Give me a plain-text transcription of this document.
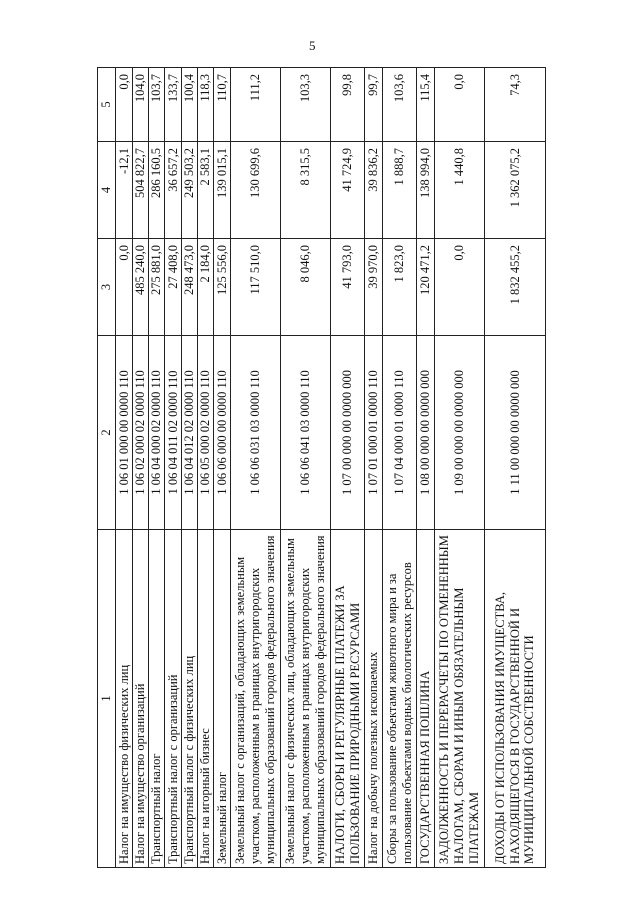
5
1	2	3	4	5
Налог на имущество физических лиц	1 06 01 000 00 0000 110	0,0	-12,1	0,0
Налог на имущество организаций	1 06 02 000 02 0000 110	485 240,0	504 822,7	104,0
Транспортный налог	1 06 04 000 02 0000 110	275 881,0	286 160,5	103,7
Транспортный налог с организаций	1 06 04 011 02 0000 110	27 408,0	36 657,2	133,7
Транспортный налог с физических лиц	1 06 04 012 02 0000 110	248 473,0	249 503,2	100,4
Налог на игорный бизнес	1 06 05 000 02 0000 110	2 184,0	2 583,1	118,3
Земельный налог	1 06 06 000 00 0000 110	125 556,0	139 015,1	110,7
Земельный налог с организаций, обладающих земельным участком, расположенным в границах внутригородских муниципальных образований городов федерального значения	1 06 06 031 03 0000 110	117 510,0	130 699,6	111,2
Земельный налог с физических лиц, обладающих земельным участком, расположенным в границах внутригородских муниципальных образований городов федерального значения	1 06 06 041 03 0000 110	8 046,0	8 315,5	103,3
НАЛОГИ, СБОРЫ И РЕГУЛЯРНЫЕ ПЛАТЕЖИ ЗА ПОЛЬЗОВАНИЕ ПРИРОДНЫМИ РЕСУРСАМИ	1 07 00 000 00 0000 000	41 793,0	41 724,9	99,8
Налог на добычу полезных ископаемых	1 07 01 000 01 0000 110	39 970,0	39 836,2	99,7
Сборы за пользование объектами животного мира и за пользование объектами водных биологических ресурсов	1 07 04 000 01 0000 110	1 823,0	1 888,7	103,6
ГОСУДАРСТВЕННАЯ ПОШЛИНА	1 08 00 000 00 0000 000	120 471,2	138 994,0	115,4
ЗАДОЛЖЕННОСТЬ И ПЕРЕРАСЧЕТЫ ПО ОТМЕНЕННЫМ НАЛОГАМ, СБОРАМ И ИНЫМ ОБЯЗАТЕЛЬНЫМ ПЛАТЕЖАМ	1 09 00 000 00 0000 000	0,0	1 440,8	0,0
ДОХОДЫ ОТ ИСПОЛЬЗОВАНИЯ ИМУЩЕСТВА, НАХОДЯЩЕГОСЯ В ГОСУДАРСТВЕННОЙ И МУНИЦИПАЛЬНОЙ СОБСТВЕННОСТИ	1 11 00 000 00 0000 000	1 832 455,2	1 362 075,2	74,3
